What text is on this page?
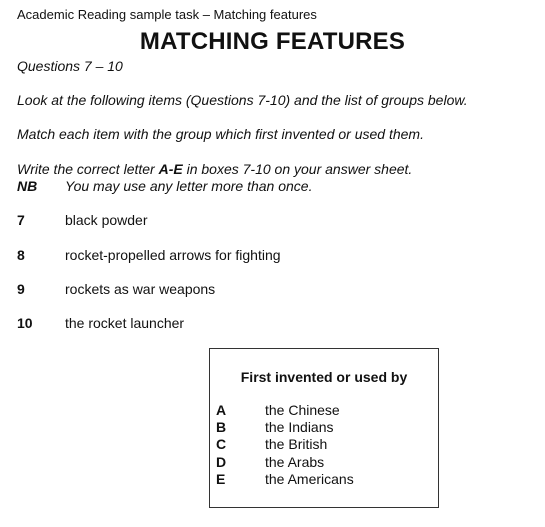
Academic Reading sample task – Matching features
MATCHING FEATURES
Questions 7 – 10
Look at the following items (Questions 7-10) and the list of groups below.
Match each item with the group which first invented or used them.
Write the correct letter A-E in boxes 7-10 on your answer sheet.
NB You may use any letter more than once.
7	black powder
8	rocket-propelled arrows for fighting
9	rockets as war weapons
10 the rocket launcher
First invented or used by
A	the Chinese
B	the Indians
C	the British
D	the Arabs
E	the Americans
